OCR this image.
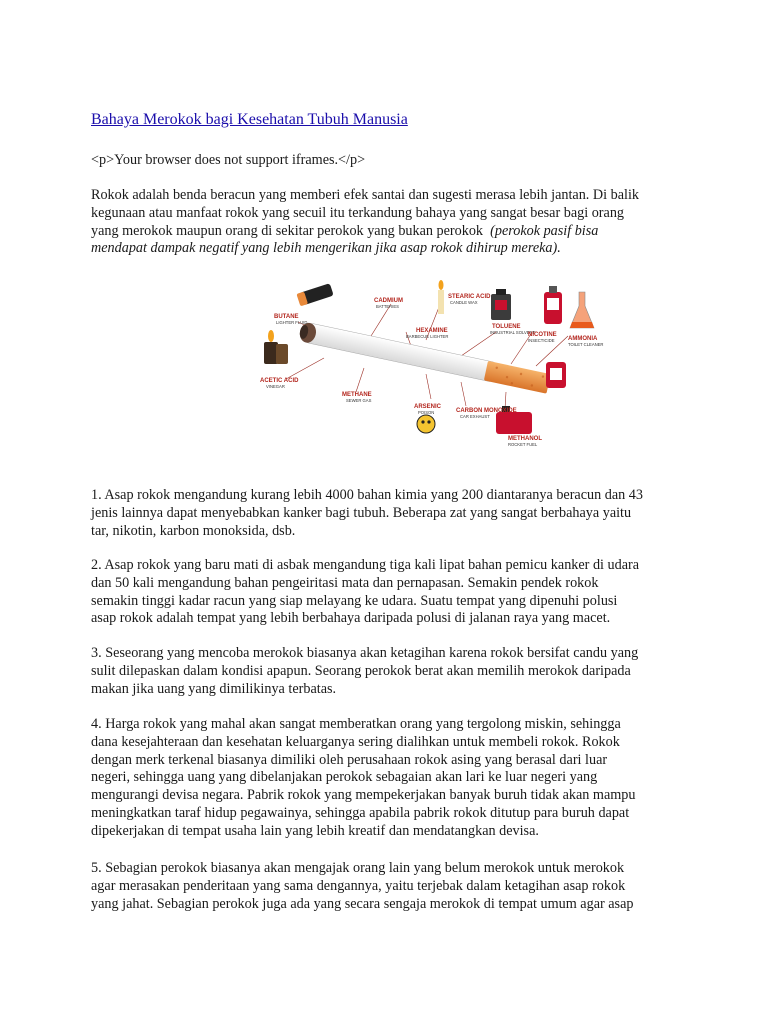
Bahaya Merokok bagi Kesehatan Tubuh Manusia
<p>Your browser does not support iframes.</p>
Rokok adalah benda beracun yang memberi efek santai dan sugesti merasa lebih jantan. Di balik
kegunaan atau manfaat rokok yang secuil itu terkandung bahaya yang sangat besar bagi orang
yang merokok maupun orang di sekitar perokok yang bukan perokok (perokok pasif bisa
mendapat dampak negatif yang lebih mengerikan jika asap rokok dihirup mereka).
CADMIUM
BATTERIES
STEARIC ACID
CANDLE WAX
BUTANE
LIGHTER FLUID
HEXAMINE
BARBECUE LIGHTER
TOLUENE
INDUSTRIAL SOLVENT
NICOTINE
INSECTICIDE AMMONIA
TOILET CLEANER
ACETIC ACID
VINEGAR
METHANE
SEWER GAS
ARSENIC
POISON	CARBON MONOXIDE
CAR EXHAUST
METHANOL
ROCKET FUEL
1. Asap rokok mengandung kurang lebih 4000 bahan kimia yang 200 diantaranya beracun dan 43
jenis lainnya dapat menyebabkan kanker bagi tubuh. Beberapa zat yang sangat berbahaya yaitu
tar, nikotin, karbon monoksida, dsb.
2. Asap rokok yang baru mati di asbak mengandung tiga kali lipat bahan pemicu kanker di udara
dan 50 kali mengandung bahan pengeiritasi mata dan pernapasan. Semakin pendek rokok
semakin tinggi kadar racun yang siap melayang ke udara. Suatu tempat yang dipenuhi polusi
asap rokok adalah tempat yang lebih berbahaya daripada polusi di jalanan raya yang macet.
3. Seseorang yang mencoba merokok biasanya akan ketagihan karena rokok bersifat candu yang
sulit dilepaskan dalam kondisi apapun. Seorang perokok berat akan memilih merokok daripada
makan jika uang yang dimilikinya terbatas.
4. Harga rokok yang mahal akan sangat memberatkan orang yang tergolong miskin, sehingga
dana kesejahteraan dan kesehatan keluarganya sering dialihkan untuk membeli rokok. Rokok
dengan merk terkenal biasanya dimiliki oleh perusahaan rokok asing yang berasal dari luar
negeri, sehingga uang yang dibelanjakan perokok sebagaian akan lari ke luar negeri yang
mengurangi devisa negara. Pabrik rokok yang mempekerjakan banyak buruh tidak akan mampu
meningkatkan taraf hidup pegawainya, sehingga apabila pabrik rokok ditutup para buruh dapat
dipekerjakan di tempat usaha lain yang lebih kreatif dan mendatangkan devisa.
5. Sebagian perokok biasanya akan mengajak orang lain yang belum merokok untuk merokok
agar merasakan penderitaan yang sama dengannya, yaitu terjebak dalam ketagihan asap rokok
yang jahat. Sebagian perokok juga ada yang secara sengaja merokok di tempat umum agar asap
